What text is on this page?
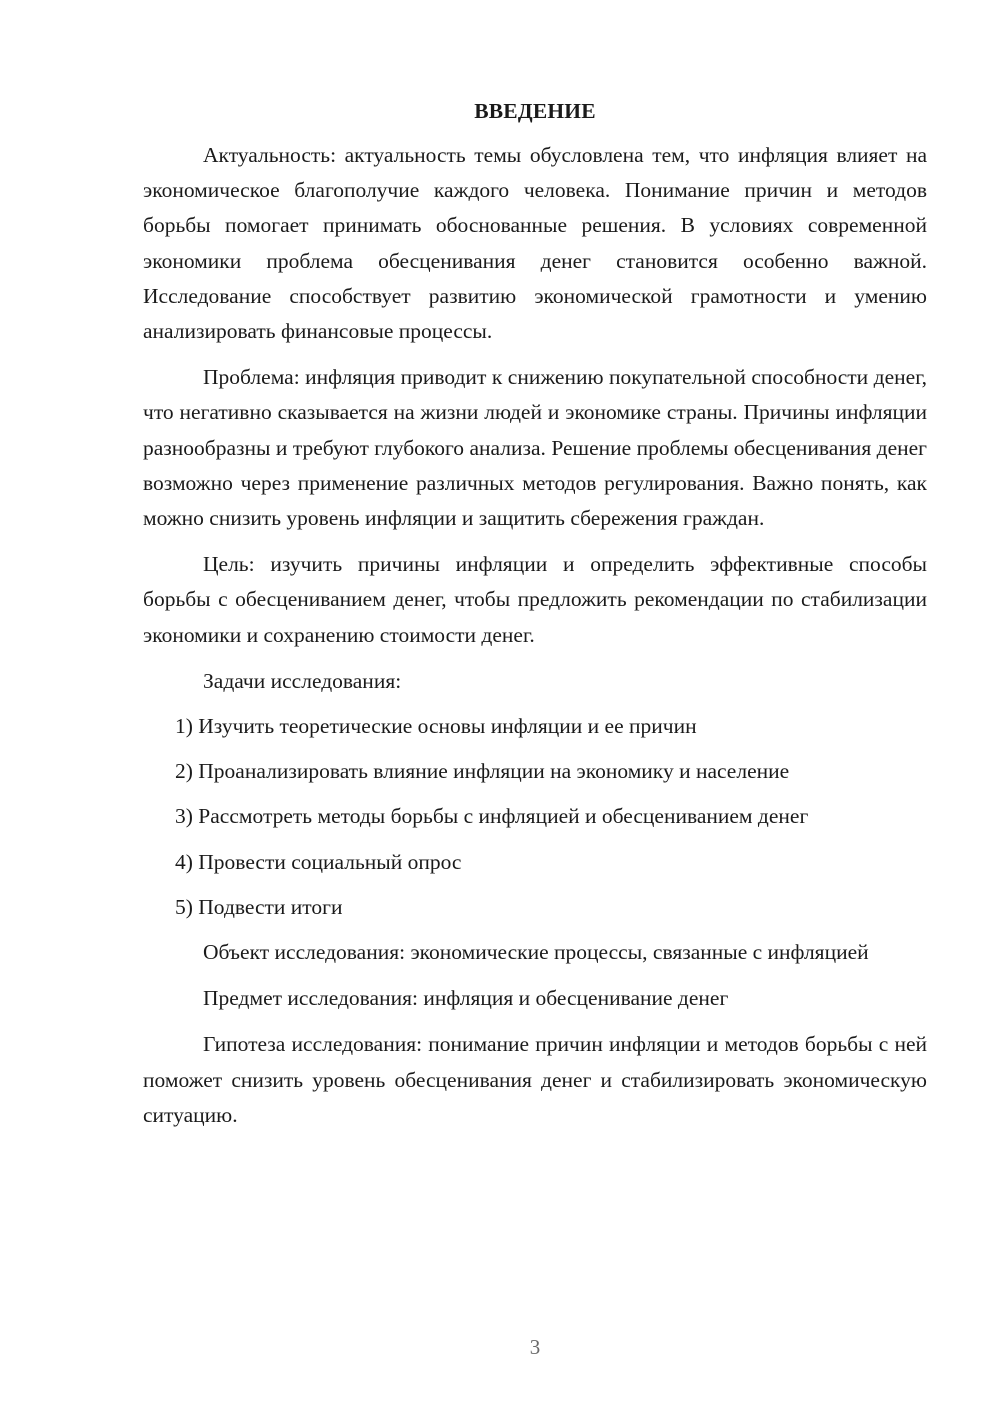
ВВЕДЕНИЕ

Актуальность: актуальность темы обусловлена тем, что инфляция влияет на экономическое благополучие каждого человека. Понимание причин и методов борьбы помогает принимать обоснованные решения. В условиях современной экономики проблема обесценивания денег становится особенно важной. Исследование способствует развитию экономической грамотности и умению анализировать финансовые процессы.

Проблема: инфляция приводит к снижению покупательной способности денег, что негативно сказывается на жизни людей и экономике страны. Причины инфляции разнообразны и требуют глубокого анализа. Решение проблемы обесценивания денег возможно через применение различных методов регулирования. Важно понять, как можно снизить уровень инфляции и защитить сбережения граждан.

Цель: изучить причины инфляции и определить эффективные способы борьбы с обесцениванием денег, чтобы предложить рекомендации по стабилизации экономики и сохранению стоимости денег.

Задачи исследования:

1) Изучить теоретические основы инфляции и ее причин
2) Проанализировать влияние инфляции на экономику и население
3) Рассмотреть методы борьбы с инфляцией и обесцениванием денег
4) Провести социальный опрос
5) Подвести итоги

Объект исследования: экономические процессы, связанные с инфляцией

Предмет исследования: инфляция и обесценивание денег

Гипотеза исследования: понимание причин инфляции и методов борьбы с ней поможет снизить уровень обесценивания денег и стабилизировать экономическую ситуацию.

3
